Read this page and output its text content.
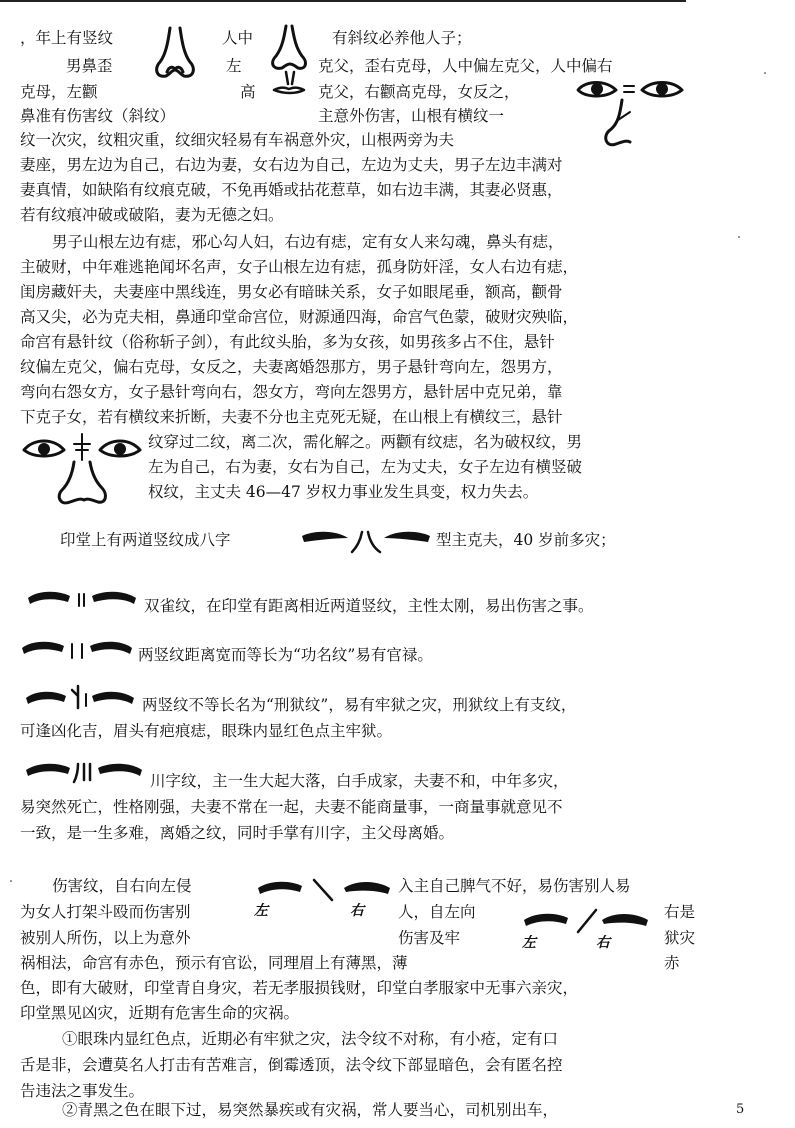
，年上有竖纹	人中	有斜纹必养他人子；
男鼻歪	左	克父，歪右克母，人中偏左克父，人中偏右
克母，左颧	高	克父，右颧高克母，女反之，
鼻准有伤害纹（斜纹）	主意外伤害，山根有横纹一
纹一次灾，纹粗灾重，纹细灾轻易有车祸意外灾，山根两旁为夫
妻座，男左边为自己，右边为妻，女右边为自己，左边为丈夫，男子左边丰满对
妻真情，如缺陷有纹痕克破，不免再婚或拈花惹草，如右边丰满，其妻必贤惠，
若有纹痕冲破或破陷，妻为无德之妇。
男子山根左边有痣，邪心勾人妇，右边有痣，定有女人来勾魂，鼻头有痣，
主破财，中年难逃艳闻坏名声，女子山根左边有痣，孤身防奸淫，女人右边有痣，
闺房藏奸夫，夫妻座中黑线连，男女必有暗昧关系，女子如眼尾垂，额高，颧骨
高又尖，必为克夫相，鼻通印堂命宫位，财源通四海，命宫气色蒙，破财灾殃临，
命宫有悬针纹（俗称斩子剑），有此纹头胎，多为女孩，如男孩多占不住，悬针
纹偏左克父，偏右克母，女反之，夫妻离婚怨那方，男子悬针弯向左，怨男方，
弯向右怨女方，女子悬针弯向右，怨女方，弯向左怨男方，悬针居中克兄弟，靠
下克子女，若有横纹来折断，夫妻不分也主克死无疑，在山根上有横纹三，悬针
纹穿过二纹，离二次，需化解之。两颧有纹痣，名为破权纹，男
左为自己，右为妻，女右为自己，左为丈夫，女子左边有横竖破
权纹，主丈夫 46—47 岁权力事业发生具变，权力失去。
印堂上有两道竖纹成八字	型主克夫，40 岁前多灾；
双雀纹，在印堂有距离相近两道竖纹，主性太刚，易出伤害之事。
两竖纹距离宽而等长为“功名纹”易有官禄。
两竖纹不等长名为“刑狱纹”，易有牢狱之灾，刑狱纹上有支纹，
可逢凶化吉，眉头有疤痕痣，眼珠内显红色点主牢狱。
川字纹，主一生大起大落，白手成家，夫妻不和，中年多灾，
易突然死亡，性格刚强，夫妻不常在一起，夫妻不能商量事，一商量事就意见不
一致，是一生多难，离婚之纹，同时手掌有川字，主父母离婚。
伤害纹，自右向左侵
左	右
入主自己脾气不好，易伤害别人易
为女人打架斗殴而伤害别	人，自左向	右是
被别人所伤，以上为意外	伤害及牢	左	右	狱灾
祸相法，命宫有赤色，预示有官讼，同理眉上有薄黑，薄	赤
色，即有大破财，印堂青自身灾，若无孝服损钱财，印堂白孝服家中无事六亲灾，
印堂黑见凶灾，近期有危害生命的灾祸。
①眼珠内显红色点，近期必有牢狱之灾，法令纹不对称，有小疮，定有口
舌是非，会遭莫名人打击有苦难言，倒霉透顶，法令纹下部显暗色，会有匿名控
告违法之事发生。
②青黑之色在眼下过，易突然暴疾或有灾祸，常人要当心，司机别出车，	5
